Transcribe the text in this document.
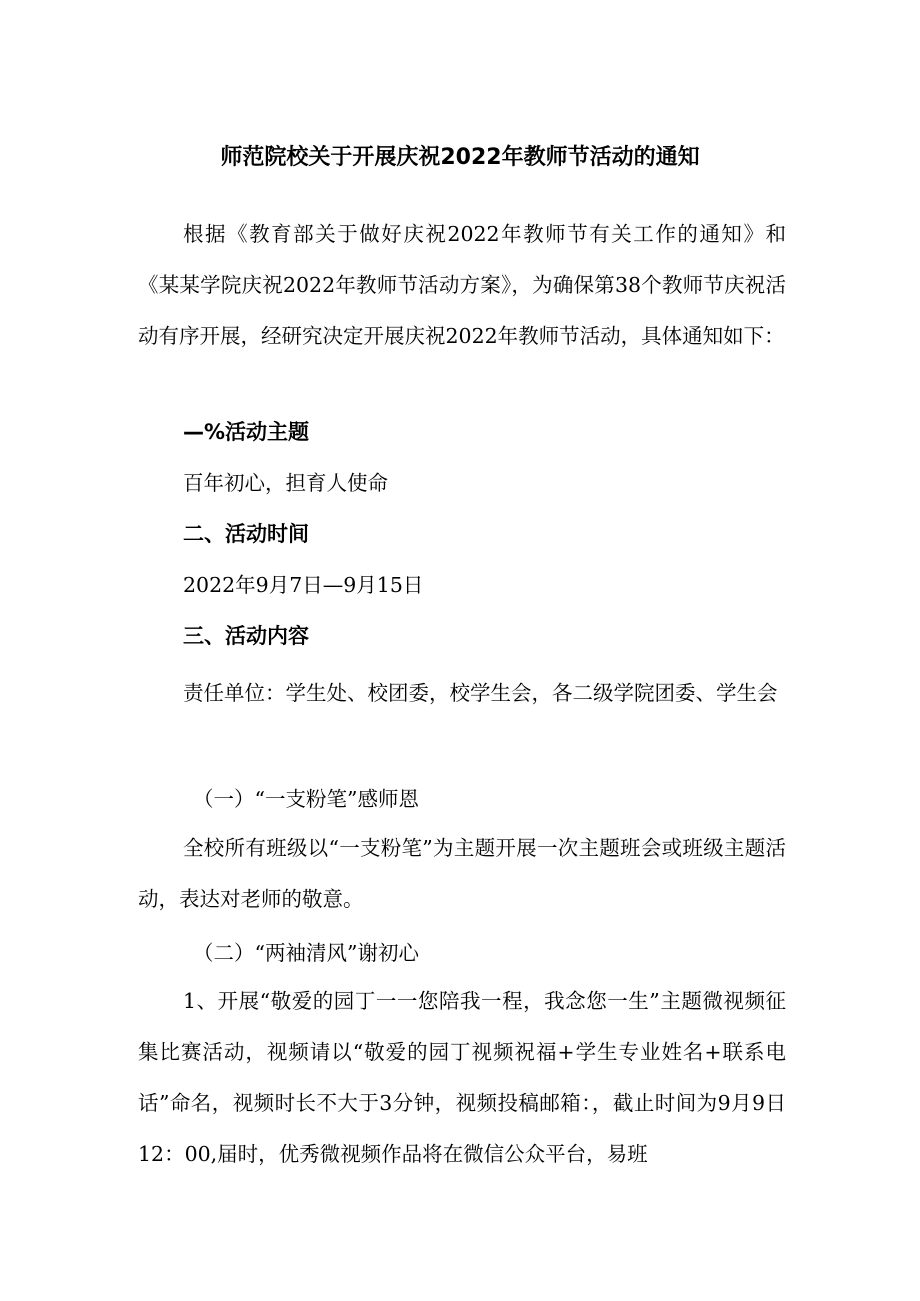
师范院校关于开展庆祝2022年教师节活动的通知

根据《教育部关于做好庆祝2022年教师节有关工作的通知》和《某某学院庆祝2022年教师节活动方案》，为确保第38个教师节庆祝活动有序开展，经研究决定开展庆祝2022年教师节活动，具体通知如下：

—%活动主题
百年初心，担育人使命
二、活动时间
2022年9月7日—9月15日
三、活动内容

责任单位：学生处、校团委，校学生会，各二级学院团委、学生会

（一）“一支粉笔”感师恩

全校所有班级以“一支粉笔”为主题开展一次主题班会或班级主题活动，表达对老师的敬意。

（二）“两袖清风”谢初心

1、开展“敬爱的园丁一一您陪我一程，我念您一生”主题微视频征集比赛活动，视频请以“敬爱的园丁视频祝福+学生专业姓名+联系电话”命名，视频时长不大于3分钟，视频投稿邮箱：，截止时间为9月9日12：00,届时，优秀微视频作品将在微信公众平台，易班
